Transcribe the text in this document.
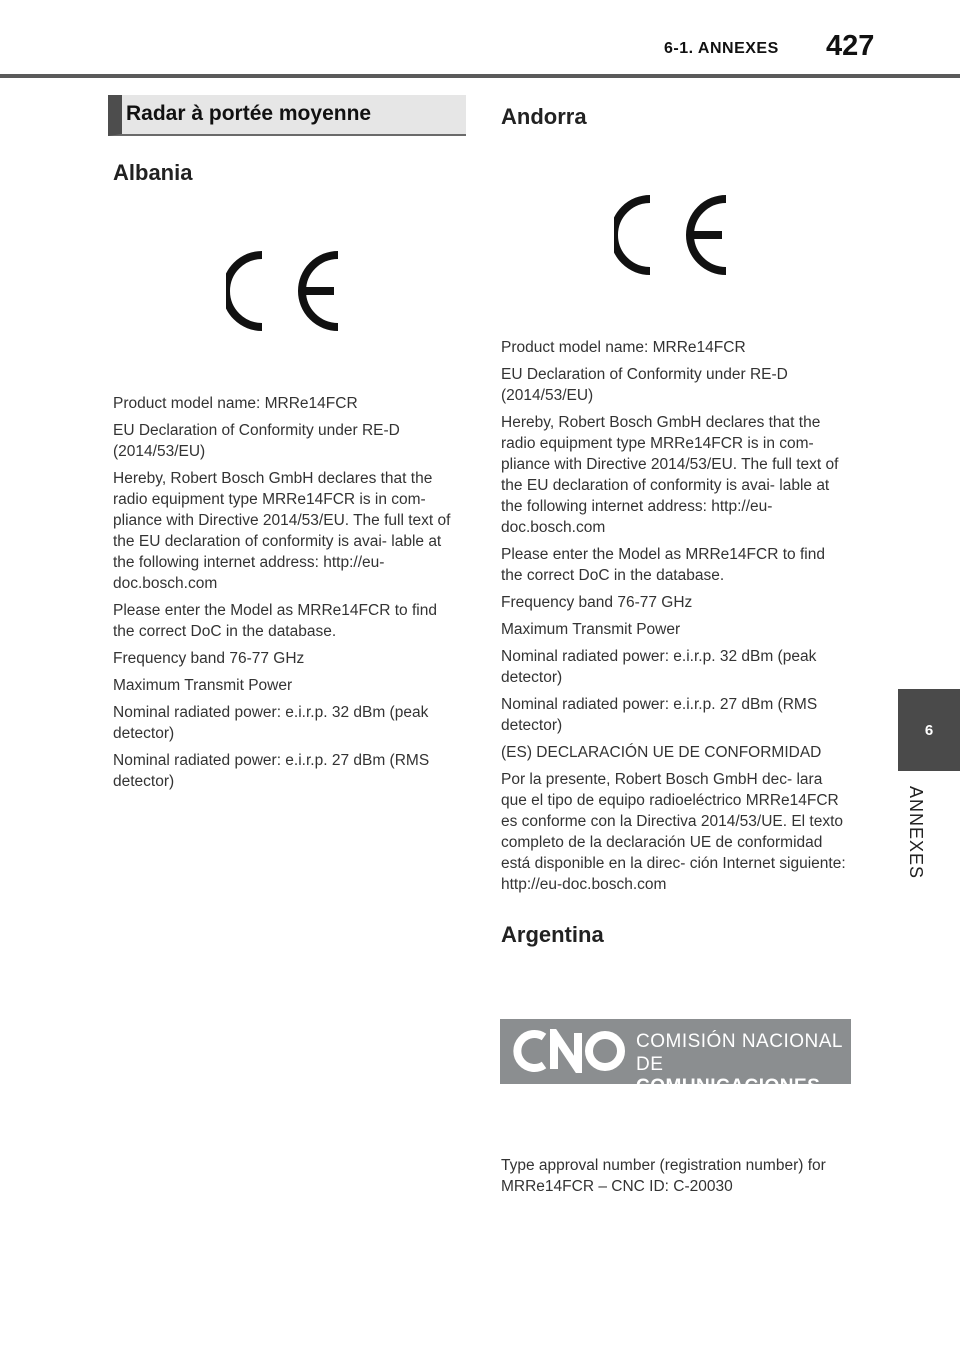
6-1. ANNEXES 427
Radar à portée moyenne
Albania

Product model name: MRRe14FCR

EU Declaration of Conformity under RE-D (2014/53/EU)

Hereby, Robert Bosch GmbH declares that the radio equipment type MRRe14FCR is in com- pliance with Directive 2014/53/EU. The full text of the EU declaration of conformity is avai- lable at the following internet address: http://eu- doc.bosch.com

Please enter the Model as MRRe14FCR to find the correct DoC in the database.

Frequency band 76-77 GHz

Maximum Transmit Power

Nominal radiated power: e.i.r.p. 32 dBm (peak detector)

Nominal radiated power: e.i.r.p. 27 dBm (RMS detector)

Andorra

Product model name: MRRe14FCR

EU Declaration of Conformity under RE-D (2014/53/EU)

Hereby, Robert Bosch GmbH declares that the radio equipment type MRRe14FCR is in com- pliance with Directive 2014/53/EU. The full text of the EU declaration of conformity is avai- lable at the following internet address: http://eu- doc.bosch.com

Please enter the Model as MRRe14FCR to find the correct DoC in the database.

Frequency band 76-77 GHz

Maximum Transmit Power

Nominal radiated power: e.i.r.p. 32 dBm (peak detector)

Nominal radiated power: e.i.r.p. 27 dBm (RMS detector)

(ES) DECLARACIÓN UE DE CONFORMIDAD

Por la presente, Robert Bosch GmbH dec- lara que el tipo de equipo radioeléctrico MRRe14FCR es conforme con la Directiva 2014/53/UE. El texto completo de la declaración UE de conformidad está disponible en la direc- ción Internet siguiente: http://eu-doc.bosch.com

Argentina
COMISIÓN NACIONAL
DE COMUNICACIONES

Type approval number (registration number) for MRRe14FCR – CNC ID: C-20030

6
ANNEXES
